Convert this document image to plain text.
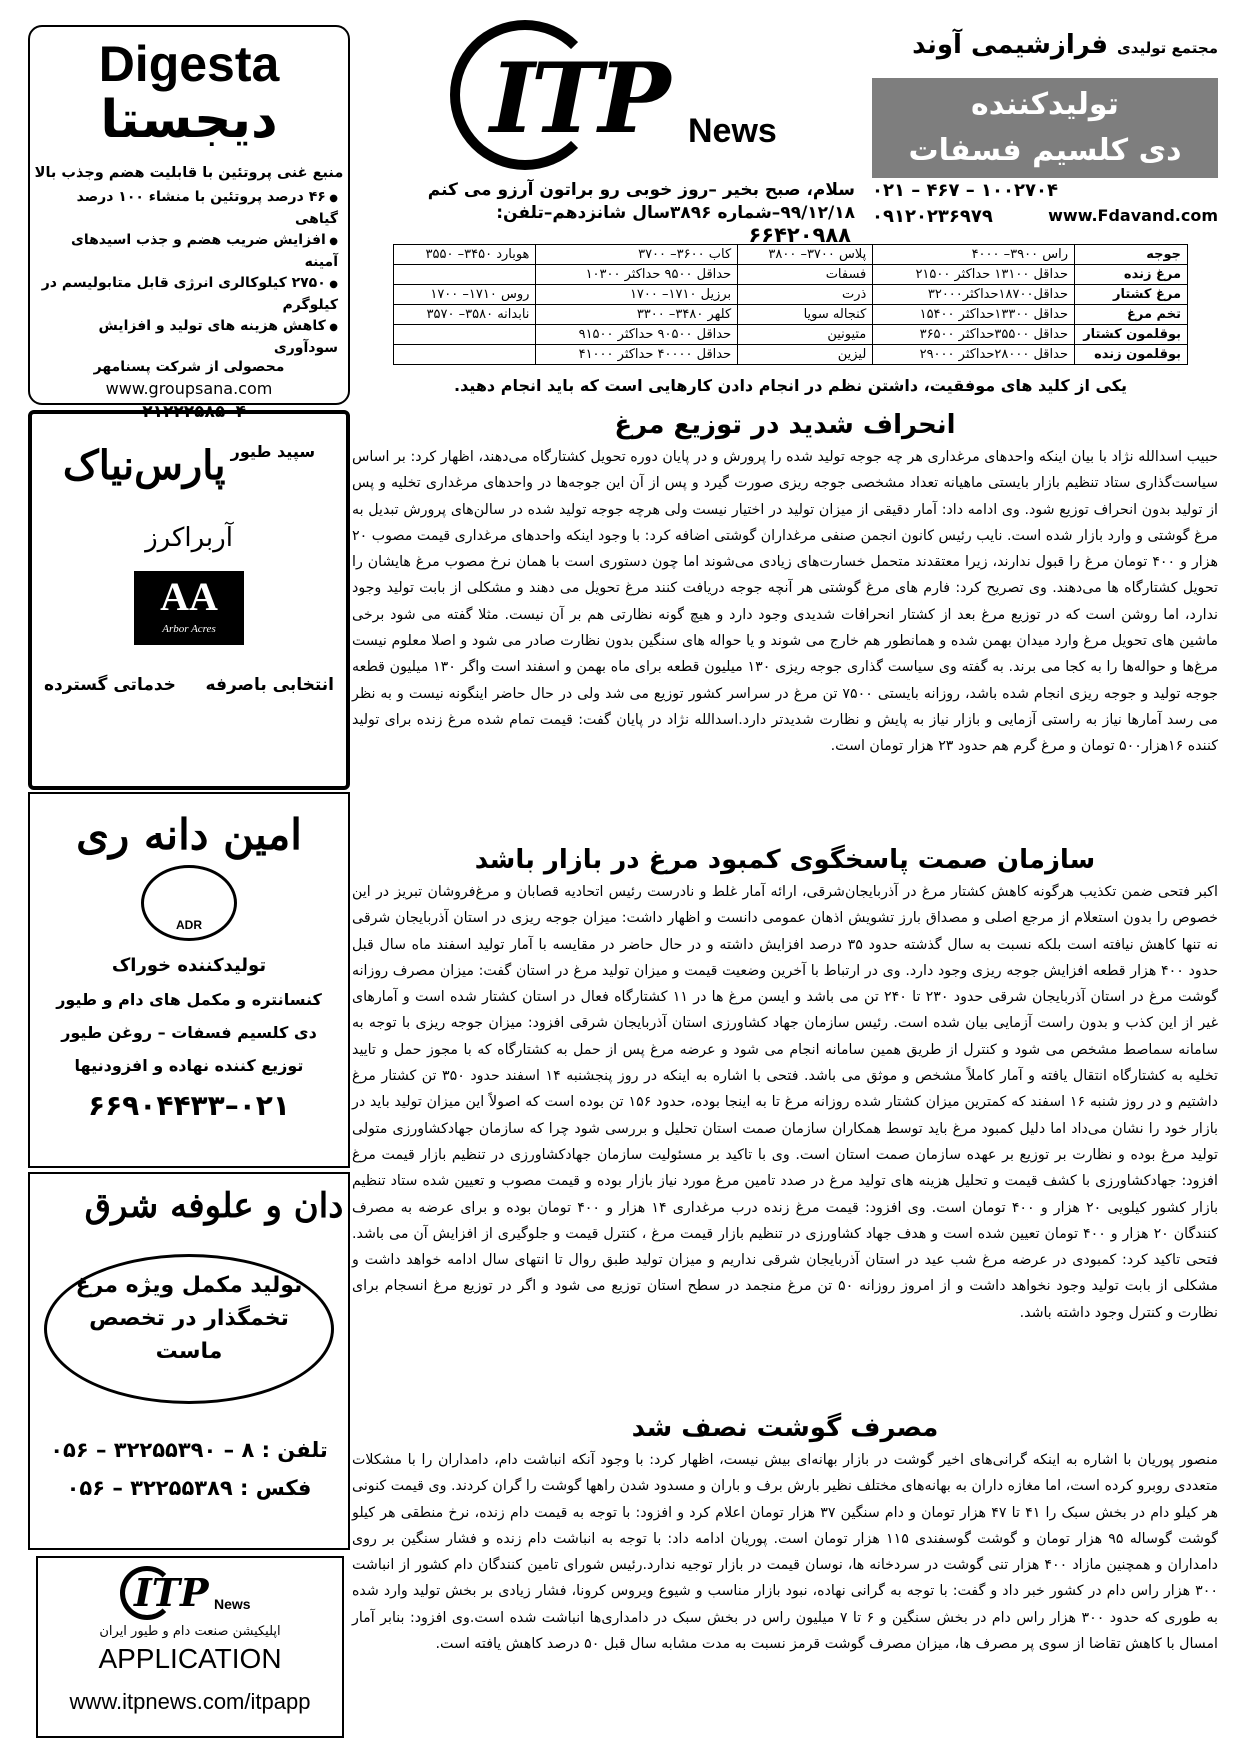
ITP News
سلام، صبح بخیر –روز خوبی رو براتون آرزو می کنم
٩٩/١٢/١٨–شماره ٣٨٩۶سال شانزدهم–تلفن: ۶۶۴۲۰۹۸۸
مجتمع تولیدی فرازشیمی آوند
تولیدکننده
دی کلسیم فسفات
٠٢١ – ۴۶١٠٠٢٧٠ – ٧۴
٠٩١٢٠٢٣۶٩٧٩	www.Fdavand.com
جوجه	راس ٣٩٠٠– ۴٠٠٠	پلاس ٣٧٠٠– ٣٨٠٠	کاب ٣۶٠٠– ٣٧٠٠	هوبارد ٣۴۵٠– ٣۵۵٠
مرغ زنده	حداقل ١٣١٠٠ حداکثر ٢١۵٠٠	فسفات	حداقل ٩۵٠٠ حداکثر ١٠٣٠٠	
مرغ کشتار	حداقل١٨٧٠٠حداکثر٣٢٠٠٠	ذرت	برزیل ١٧١٠– ١٧٠٠	روس ١٧١٠– ١٧٠٠
تخم مرغ	حداقل ١٣٣٠٠حداکثر ١۵۴٠٠	کنجاله سویا	کلهر ٣۴٨٠– ٣٣٠٠	نابدانه ٣۵٨٠– ٣۵٧٠
بوقلمون کشتار	حداقل ٣۵۵٠٠حداکثر ٣۶۵٠٠	متیونین	حداقل ٩٠۵٠٠ حداکثر ٩١۵٠٠	
بوقلمون زنده	حداقل ٢٨٠٠٠حداکثر ٢٩٠٠٠	لیزین	حداقل ۴٠٠٠٠ حداکثر ۴١٠٠٠	
یکی از کلید های موفقیت، داشتن نظم در انجام دادن کارهایی است که باید انجام دهید.
انحراف شدید در توزیع مرغ
حبیب اسدالله نژاد با بیان اینکه واحدهای مرغداری هر چه جوجه تولید شده را پرورش و در پایان دوره تحویل کشتارگاه می‌دهند، اظهار کرد: بر اساس سیاست‌گذاری ستاد تنظیم بازار بایستی ماهیانه تعداد مشخصی جوجه ریزی صورت گیرد و پس از آن این جوجه‌ها در واحدهای مرغداری تخلیه و پس از تولید بدون انحراف توزیع شود. وی ادامه داد: آمار دقیقی از میزان تولید در اختیار نیست ولی هرچه جوجه تولید شده در سالن‌های پرورش تبدیل به مرغ گوشتی و وارد بازار شده است. نایب رئیس کانون انجمن صنفی مرغداران گوشتی اضافه کرد: با وجود اینکه واحدهای مرغداری قیمت مصوب ٢٠ هزار و ۴٠٠ تومان مرغ را قبول ندارند، زیرا معتقدند متحمل خسارت‌های زیادی می‌شوند اما چون دستوری است با همان نرخ مصوب مرغ هایشان را تحویل کشتارگاه ها می‌دهند. وی تصریح کرد: فارم های مرغ گوشتی هر آنچه جوجه دریافت کنند مرغ تحویل می دهند و مشکلی از بابت تولید وجود ندارد، اما روشن است که در توزیع مرغ بعد از کشتار انحرافات شدیدی وجود دارد و هیچ گونه نظارتی هم بر آن نیست. مثلا گفته می شود برخی ماشین های تحویل مرغ وارد میدان بهمن شده و همانطور هم خارج می شوند و یا حواله های سنگین بدون نظارت صادر می شود و اصلا معلوم نیست مرغ‌ها و حواله‌ها را به کجا می برند. به گفته وی سیاست گذاری جوجه ریزی ١٣٠ میلیون قطعه برای ماه بهمن و اسفند است واگر ١٣٠ میلیون قطعه جوجه تولید و جوجه ریزی انجام شده باشد، روزانه بایستی ٧۵٠٠ تن مرغ در سراسر کشور توزیع می شد ولی در حال حاضر اینگونه نیست و به نظر می رسد آمارها نیاز به راستی آزمایی و بازار نیاز به پایش و نظارت شدیدتر دارد.اسدالله نژاد در پایان گفت: قیمت تمام شده مرغ زنده برای تولید کننده ١۶هزار۵٠٠ تومان و مرغ گرم هم حدود ٢٣ هزار تومان است.
سازمان صمت پاسخگوی کمبود مرغ در بازار باشد
اکبر فتحی ضمن تکذیب هرگونه کاهش کشتار مرغ در آذربایجان‌شرقی، ارائه آمار غلط و نادرست رئیس اتحادیه قصابان و مرغ‌فروشان تبریز در این خصوص را بدون استعلام از مرجع اصلی و مصداق بارز تشویش اذهان عمومی دانست و اظهار داشت: میزان جوجه ریزی در استان آذربایجان شرقی نه تنها کاهش نیافته است بلکه نسبت به سال گذشته حدود ٣۵ درصد افزایش داشته و در حال حاضر در مقایسه با آمار تولید اسفند ماه سال قبل حدود ۴٠٠ هزار قطعه افزایش جوجه ریزی وجود دارد. وی در ارتباط با آخرین وضعیت قیمت و میزان تولید مرغ در استان گفت: میزان مصرف روزانه گوشت مرغ در استان آذربایجان شرقی حدود ٢٣٠ تا ٢۴٠ تن می باشد و ایسن مرغ ها در ١١ کشتارگاه فعال در استان کشتار شده است و آمارهای غیر از این کذب و بدون راست آزمایی بیان شده است. رئیس سازمان جهاد کشاورزی استان آذربایجان شرقی افزود: میزان جوجه ریزی با توجه به سامانه سماصط مشخص می شود و کنترل از طریق همین سامانه انجام می شود و عرضه مرغ پس از حمل به کشتارگاه که با مجوز حمل و تایید تخلیه به کشتارگاه انتقال یافته و آمار کاملاً مشخص و موثق می باشد. فتحی با اشاره به اینکه در روز پنجشنبه ١۴ اسفند حدود ٣۵٠ تن کشتار مرغ داشتیم و در روز شنبه ١۶ اسفند که کمترین میزان کشتار شده روزانه مرغ تا به اینجا بوده، حدود ١۵۶ تن بوده است که اصولاً این میزان تولید باید در بازار خود را نشان می‌داد اما دلیل کمبود مرغ باید توسط همکاران سازمان صمت استان تحلیل و بررسی شود چرا که سازمان جهادکشاورزی متولی تولید مرغ بوده و نظارت بر توزیع بر عهده سازمان صمت استان است. وی با تاکید بر مسئولیت سازمان جهادکشاورزی در تنظیم بازار قیمت مرغ افزود: جهادکشاورزی با کشف قیمت و تحلیل هزینه های تولید مرغ در صدد تامین مرغ مورد نیاز بازار بوده و قیمت مصوب و تعیین شده ستاد تنظیم بازار کشور کیلویی ٢٠ هزار و ۴٠٠ تومان است. وی افزود: قیمت مرغ زنده درب مرغداری ١۴ هزار و ۴٠٠ تومان بوده و برای عرضه به مصرف کنندگان ٢٠ هزار و ۴٠٠ تومان تعیین شده است و هدف جهاد کشاورزی در تنظیم بازار قیمت مرغ ، کنترل قیمت و جلوگیری از افزایش آن می باشد. فتحی تاکید کرد: کمبودی در عرضه مرغ شب عید در استان آذربایجان شرقی نداریم و میزان تولید طبق روال تا انتهای سال ادامه خواهد داشت و مشکلی از بابت تولید وجود نخواهد داشت و از امروز روزانه ۵٠ تن مرغ منجمد در سطح استان توزیع می شود و اگر در توزیع مرغ انسجام برای نظارت و کنترل وجود داشته باشد.
مصرف گوشت نصف شد
منصور پوریان با اشاره به اینکه گرانی‌های اخیر گوشت در بازار بهانه‌ای بیش نیست، اظهار کرد: با وجود آنکه انباشت دام، دامداران را با مشکلات متعددی روبرو کرده است، اما مغازه داران به بهانه‌های مختلف نظیر بارش برف و باران و مسدود شدن راهها گوشت را گران کردند. وی قیمت کنونی هر کیلو دام در بخش سبک را ۴١ تا ۴٧ هزار تومان و دام سنگین ٣٧ هزار تومان اعلام کرد و افزود: با توجه به قیمت دام زنده، نرخ منطقی هر کیلو گوشت گوساله ٩۵ هزار تومان و گوشت گوسفندی ١١۵ هزار تومان است. پوریان ادامه داد: با توجه به انباشت دام زنده و فشار سنگین بر روی دامداران و همچنین مازاد ۴٠٠ هزار تنی گوشت در سردخانه ها، نوسان قیمت در بازار توجیه ندارد.رئیس شورای تامین کنندگان دام کشور از انباشت ٣٠٠ هزار راس دام در کشور خبر داد و گفت: با توجه به گرانی نهاده، نبود بازار مناسب و شیوع ویروس کرونا، فشار زیادی بر بخش تولید وارد شده به طوری که حدود ٣٠٠ هزار راس دام در بخش سنگین و ۶ تا ٧ میلیون راس در بخش سبک در دامداری‌ها انباشت شده است.وی افزود: بنابر آمار امسال با کاهش تقاضا از سوی پر مصرف ها، میزان مصرف گوشت قرمز نسبت به مدت مشابه سال قبل ۵٠ درصد کاهش یافته است.
Digesta
دیجستا
منبع غنی پروتئین با قابلیت هضم وجذب بالا
● ۴۶ درصد پروتئین با منشاء ١٠٠ درصد گیاهی
● افزایش ضریب هضم و جذب اسیدهای آمینه
● ٢٧۵٠ کیلوکالری انرژی قابل متابولیسم در کیلوگرم
● کاهش هزینه های تولید و افزایش سودآوری
محصولی از شرکت پسنامهر
www.groupsana.com
٠٢١٢٢٢۵٨۵٠۴
سپید طیور پارس‌نیاک
آربراکرز
AA
Arbor Acres
انتخابی باصرفه     خدماتی گسترده
امین دانه ری
ADR
تولیدکننده خوراک
کنسانتره و مکمل های دام و طیور
دی کلسیم فسفات – روغن طیور
توزیع کننده نهاده و افزودنیها
٠٢١–۶۶٩٠۴۴٣٣
دان و علوفه شرق
تولید مکمل ویژه مرغ
تخمگذار در تخصص
ماست
تلفن : ٨ – ٣٢٢۵۵٣٩٠ – ٠۵۶
فکس : ٣٢٢۵۵٣٨٩ – ٠۵۶
ITP News
اپلیکیشن صنعت دام و طیور ایران
APPLICATION
www.itpnews.com/itpapp
